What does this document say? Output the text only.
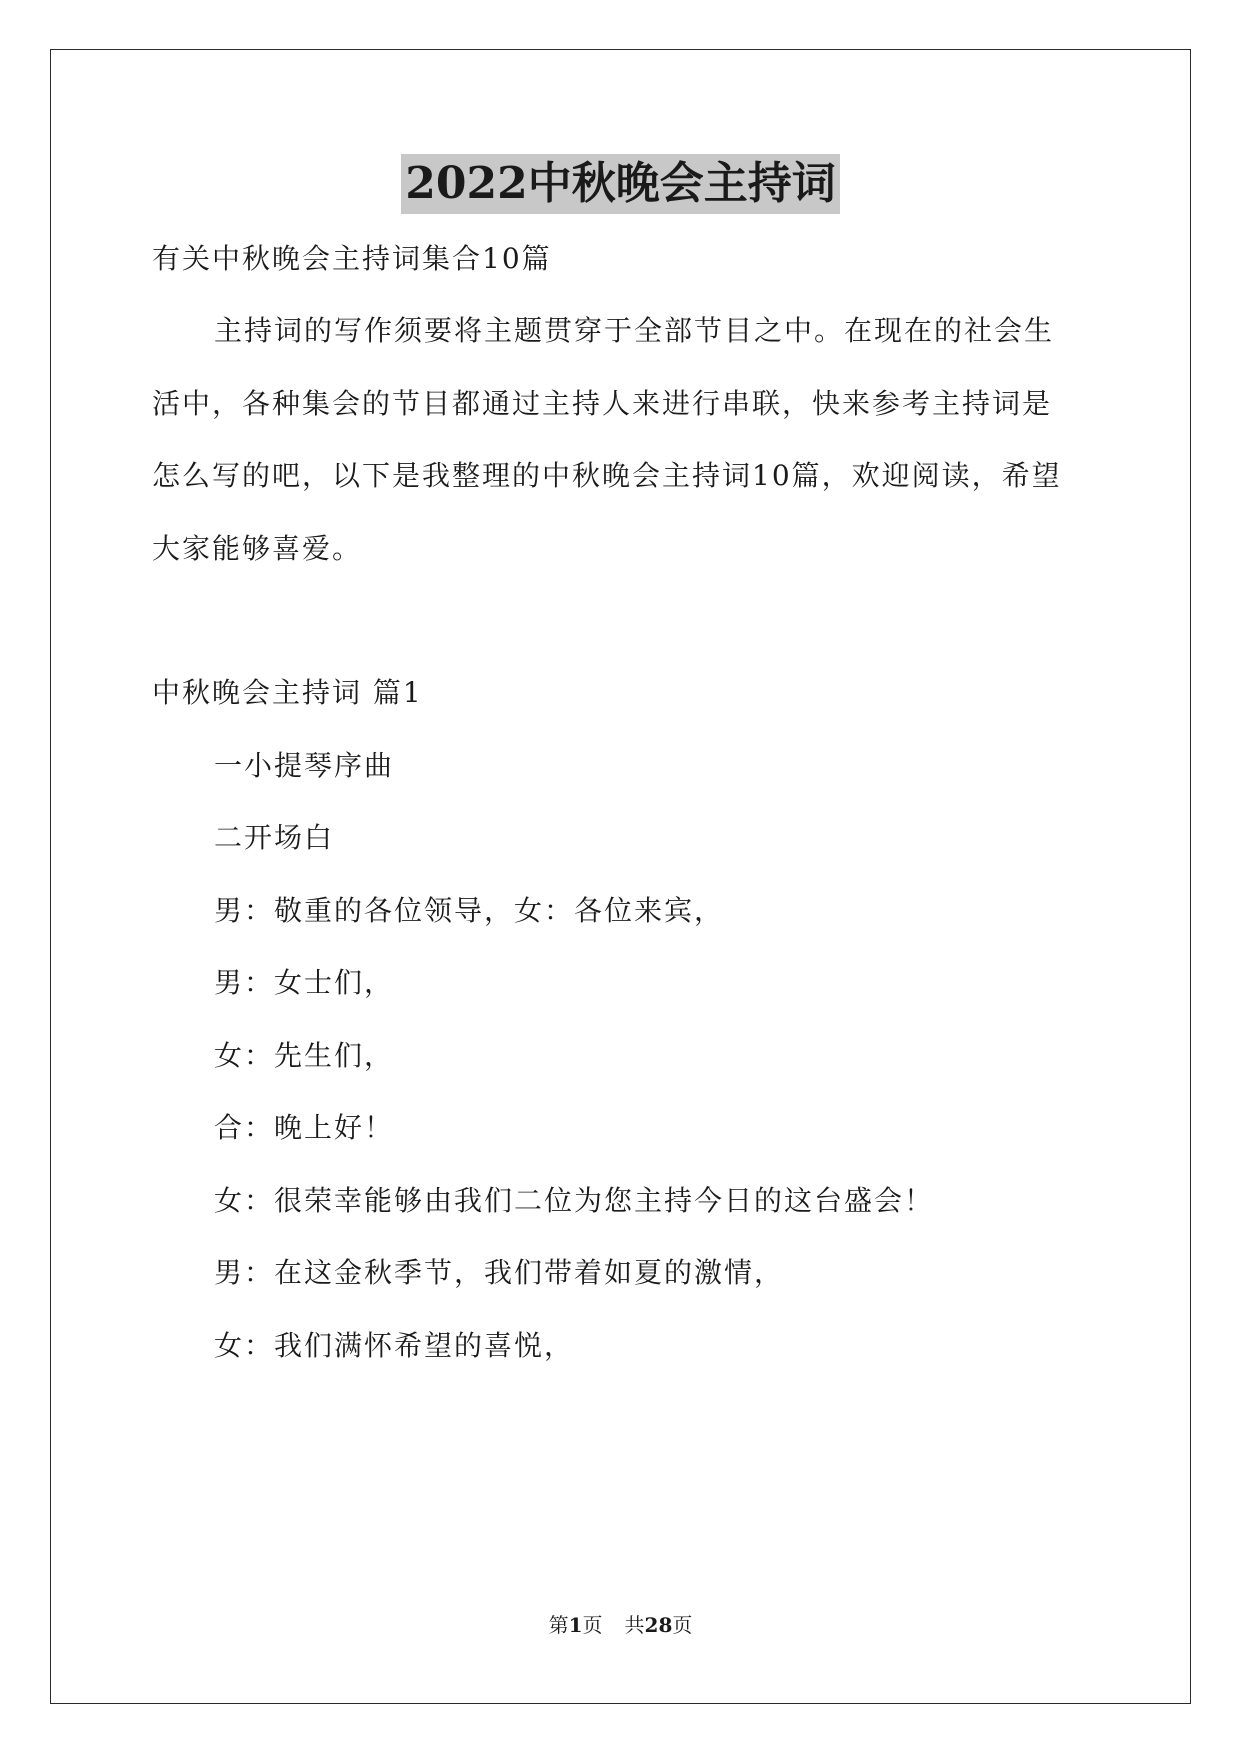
2022中秋晚会主持词
有关中秋晚会主持词集合10篇
主持词的写作须要将主题贯穿于全部节目之中。在现在的社会生
活中，各种集会的节目都通过主持人来进行串联，快来参考主持词是
怎么写的吧，以下是我整理的中秋晚会主持词10篇，欢迎阅读，希望
大家能够喜爱。
中秋晚会主持词 篇1
一小提琴序曲
二开场白
男：敬重的各位领导，女：各位来宾，
男：女士们，
女：先生们，
合：晚上好！
女：很荣幸能够由我们二位为您主持今日的这台盛会！
男：在这金秋季节，我们带着如夏的激情，
女：我们满怀希望的喜悦，
第1页 共28页
